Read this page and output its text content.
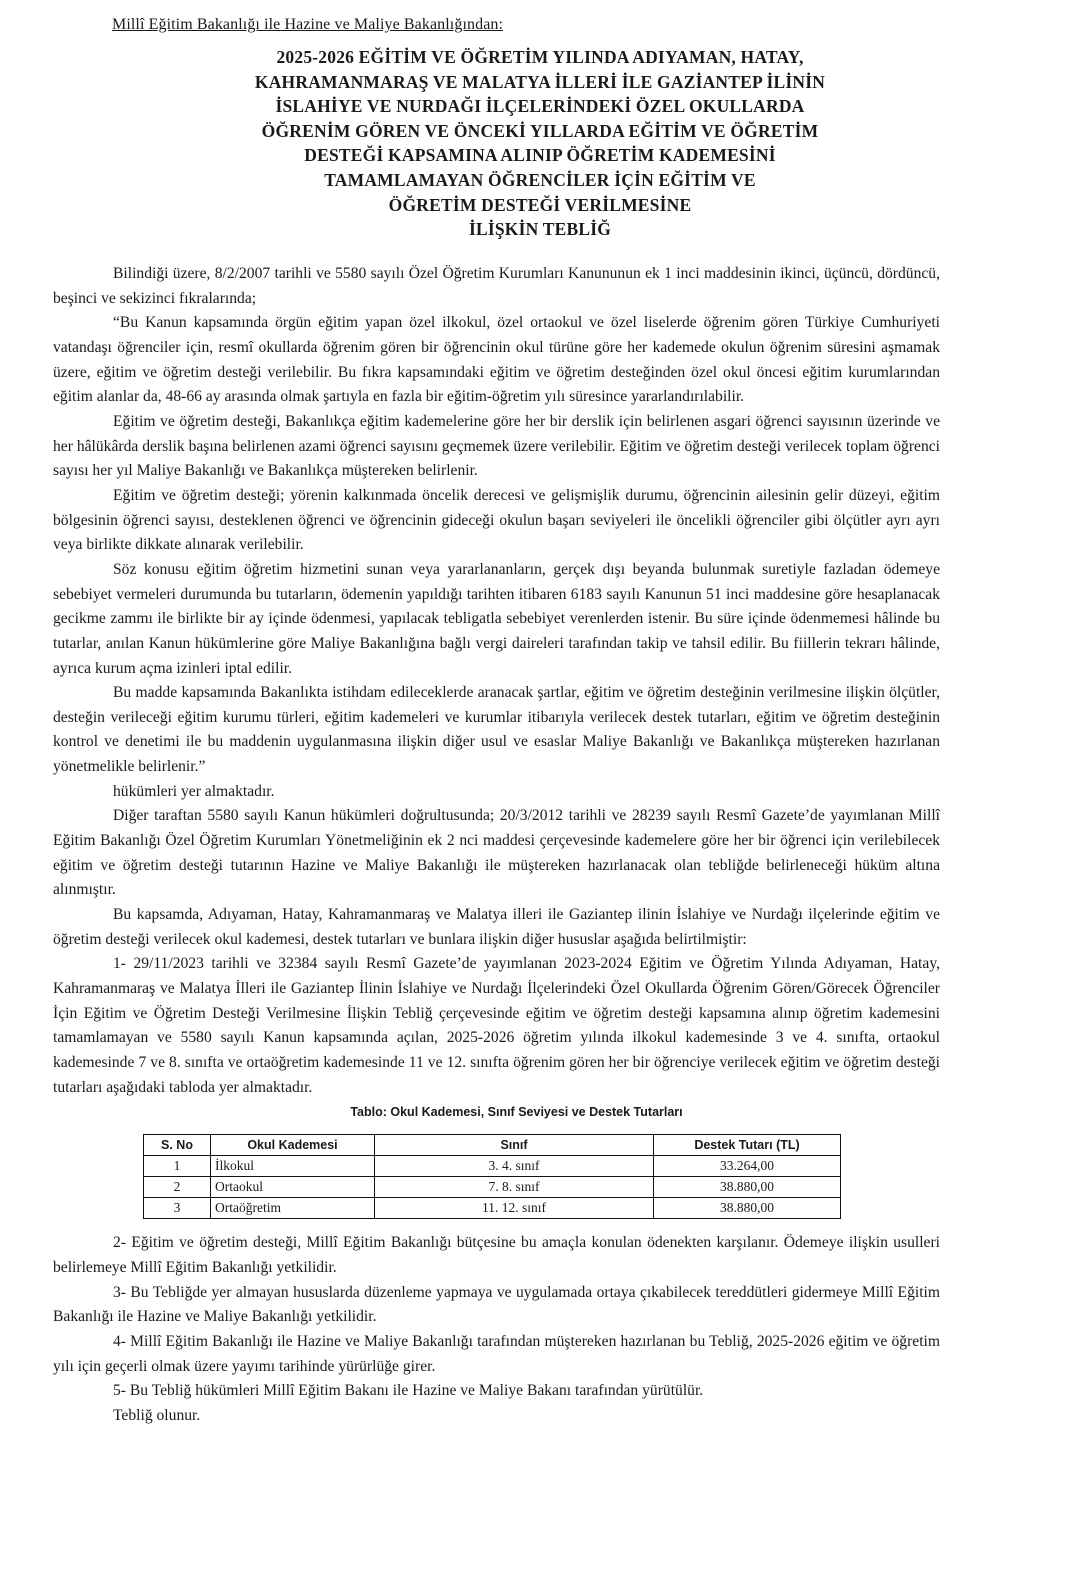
Millî Eğitim Bakanlığı ile Hazine ve Maliye Bakanlığından:
2025-2026 EĞİTİM VE ÖĞRETİM YILINDA ADIYAMAN, HATAY,
KAHRAMANMARAŞ VE MALATYA İLLERİ İLE GAZİANTEP İLİNİN
İSLAHİYE VE NURDAĞI İLÇELERİNDEKİ ÖZEL OKULLARDA
ÖĞRENİM GÖREN VE ÖNCEKİ YILLARDA EĞİTİM VE ÖĞRETİM
DESTEĞİ KAPSAMINA ALINIP ÖĞRETİM KADEMESİNİ
TAMAMLAMAYAN ÖĞRENCİLER İÇİN EĞİTİM VE
ÖĞRETİM DESTEĞİ VERİLMESİNE
İLİŞKİN TEBLİĞ

Bilindiği üzere, 8/2/2007 tarihli ve 5580 sayılı Özel Öğretim Kurumları Kanununun ek 1 inci maddesinin ikinci, üçüncü, dördüncü, beşinci ve sekizinci fıkralarında;

“Bu Kanun kapsamında örgün eğitim yapan özel ilkokul, özel ortaokul ve özel liselerde öğrenim gören Türkiye Cumhuriyeti vatandaşı öğrenciler için, resmî okullarda öğrenim gören bir öğrencinin okul türüne göre her kademede okulun öğrenim süresini aşmamak üzere, eğitim ve öğretim desteği verilebilir. Bu fıkra kapsamındaki eğitim ve öğretim desteğinden özel okul öncesi eğitim kurumlarından eğitim alanlar da, 48-66 ay arasında olmak şartıyla en fazla bir eğitim-öğretim yılı süresince yararlandırılabilir.

Eğitim ve öğretim desteği, Bakanlıkça eğitim kademelerine göre her bir derslik için belirlenen asgari öğrenci sayısının üzerinde ve her hâlükârda derslik başına belirlenen azami öğrenci sayısını geçmemek üzere verilebilir. Eğitim ve öğretim desteği verilecek toplam öğrenci sayısı her yıl Maliye Bakanlığı ve Bakanlıkça müştereken belirlenir.

Eğitim ve öğretim desteği; yörenin kalkınmada öncelik derecesi ve gelişmişlik durumu, öğrencinin ailesinin gelir düzeyi, eğitim bölgesinin öğrenci sayısı, desteklenen öğrenci ve öğrencinin gideceği okulun başarı seviyeleri ile öncelikli öğrenciler gibi ölçütler ayrı ayrı veya birlikte dikkate alınarak verilebilir.

Söz konusu eğitim öğretim hizmetini sunan veya yararlananların, gerçek dışı beyanda bulunmak suretiyle fazladan ödemeye sebebiyet vermeleri durumunda bu tutarların, ödemenin yapıldığı tarihten itibaren 6183 sayılı Kanunun 51 inci maddesine göre hesaplanacak gecikme zammı ile birlikte bir ay içinde ödenmesi, yapılacak tebligatla sebebiyet verenlerden istenir. Bu süre içinde ödenmemesi hâlinde bu tutarlar, anılan Kanun hükümlerine göre Maliye Bakanlığına bağlı vergi daireleri tarafından takip ve tahsil edilir. Bu fiillerin tekrarı hâlinde, ayrıca kurum açma izinleri iptal edilir.

Bu madde kapsamında Bakanlıkta istihdam edileceklerde aranacak şartlar, eğitim ve öğretim desteğinin verilmesine ilişkin ölçütler, desteğin verileceği eğitim kurumu türleri, eğitim kademeleri ve kurumlar itibarıyla verilecek destek tutarları, eğitim ve öğretim desteğinin kontrol ve denetimi ile bu maddenin uygulanmasına ilişkin diğer usul ve esaslar Maliye Bakanlığı ve Bakanlıkça müştereken hazırlanan yönetmelikle belirlenir.”

hükümleri yer almaktadır.

Diğer taraftan 5580 sayılı Kanun hükümleri doğrultusunda; 20/3/2012 tarihli ve 28239 sayılı Resmî Gazete’de yayımlanan Millî Eğitim Bakanlığı Özel Öğretim Kurumları Yönetmeliğinin ek 2 nci maddesi çerçevesinde kademelere göre her bir öğrenci için verilebilecek eğitim ve öğretim desteği tutarının Hazine ve Maliye Bakanlığı ile müştereken hazırlanacak olan tebliğde belirleneceği hüküm altına alınmıştır.

Bu kapsamda, Adıyaman, Hatay, Kahramanmaraş ve Malatya illeri ile Gaziantep ilinin İslahiye ve Nurdağı ilçelerinde eğitim ve öğretim desteği verilecek okul kademesi, destek tutarları ve bunlara ilişkin diğer hususlar aşağıda belirtilmiştir:

1- 29/11/2023 tarihli ve 32384 sayılı Resmî Gazete’de yayımlanan 2023-2024 Eğitim ve Öğretim Yılında Adıyaman, Hatay, Kahramanmaraş ve Malatya İlleri ile Gaziantep İlinin İslahiye ve Nurdağı İlçelerindeki Özel Okullarda Öğrenim Gören/Görecek Öğrenciler İçin Eğitim ve Öğretim Desteği Verilmesine İlişkin Tebliğ çerçevesinde eğitim ve öğretim desteği kapsamına alınıp öğretim kademesini tamamlamayan ve 5580 sayılı Kanun kapsamında açılan, 2025-2026 öğretim yılında ilkokul kademesinde 3 ve 4. sınıfta, ortaokul kademesinde 7 ve 8. sınıfta ve ortaöğretim kademesinde 11 ve 12. sınıfta öğrenim gören her bir öğrenciye verilecek eğitim ve öğretim desteği tutarları aşağıdaki tabloda yer almaktadır.

Tablo: Okul Kademesi, Sınıf Seviyesi ve Destek Tutarları

S. No	Okul Kademesi	Sınıf	Destek Tutarı (TL)
1	İlkokul	3. 4. sınıf	33.264,00
2	Ortaokul	7. 8. sınıf	38.880,00
3	Ortaöğretim	11. 12. sınıf	38.880,00

2- Eğitim ve öğretim desteği, Millî Eğitim Bakanlığı bütçesine bu amaçla konulan ödenekten karşılanır. Ödemeye ilişkin usulleri belirlemeye Millî Eğitim Bakanlığı yetkilidir.

3- Bu Tebliğde yer almayan hususlarda düzenleme yapmaya ve uygulamada ortaya çıkabilecek tereddütleri gidermeye Millî Eğitim Bakanlığı ile Hazine ve Maliye Bakanlığı yetkilidir.

4- Millî Eğitim Bakanlığı ile Hazine ve Maliye Bakanlığı tarafından müştereken hazırlanan bu Tebliğ, 2025-2026 eğitim ve öğretim yılı için geçerli olmak üzere yayımı tarihinde yürürlüğe girer.

5- Bu Tebliğ hükümleri Millî Eğitim Bakanı ile Hazine ve Maliye Bakanı tarafından yürütülür.

Tebliğ olunur.
